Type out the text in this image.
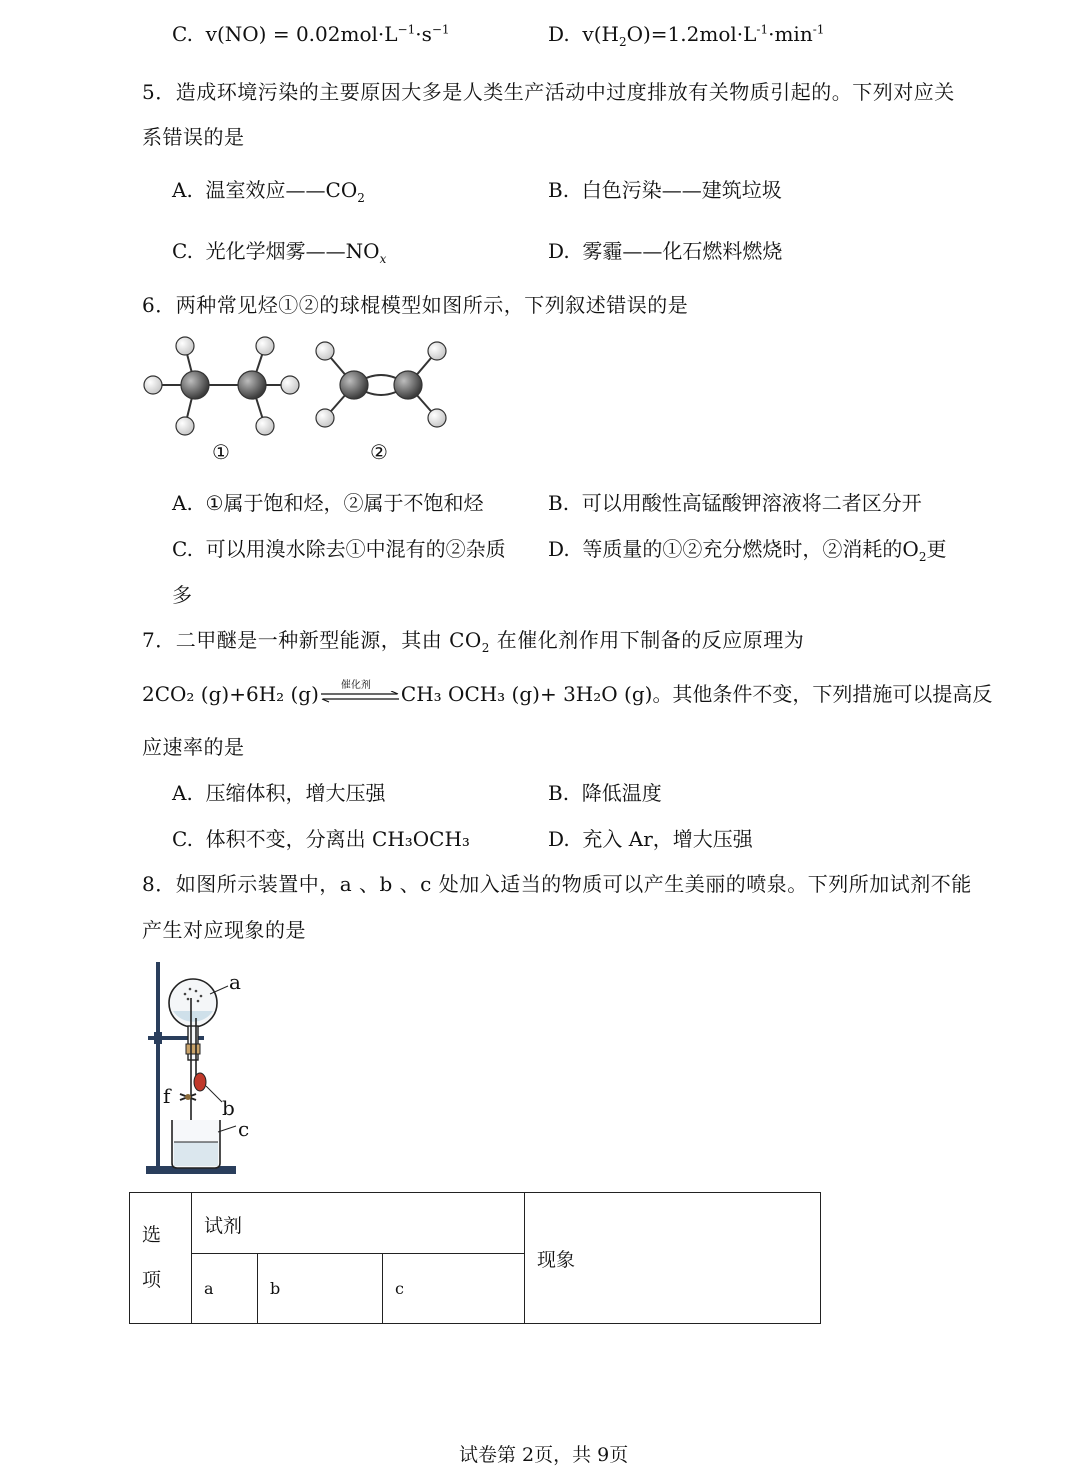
C. $v(NO) = 0.02mol\cdot L^{-1}\cdot s^{-1}$	D. $v(H_2O)=1.2mol\cdot L^{-1}\cdot\min^{-1}$
5．造成环境污染的主要原因大多是人类生产活动中过度排放有关物质引起的。下列对应关
系错误的是
A. 温室效应$——CO_2$	B. 白色污染——建筑垃圾
C. 光化学烟雾$——NO_x$	D. 雾霾——化石燃料燃烧
6．两种常见烃①②的球棍模型如图所示，下列叙述错误的是
①	②
A. ①属于饱和烃，②属于不饱和烃	B. 可以用酸性高锰酸钾溶液将二者区分开
C. 可以用溴水除去①中混有的②杂质 D. 等质量的①②充分燃烧时，②消耗的$O_2$更
多
7．二甲醚是一种新型能源，其由 $CO_2$ 在催化剂作用下制备的反应原理为
2CO₂ (g)+6H₂ (g) 催化剂 CH₃ OCH₃ (g)+ 3H₂O (g)。其他条件不变，下列措施可以提高反
应速率的是
A. 压缩体积，增大压强	B. 降低温度
C. 体积不变，分离出 CH₃OCH₃	D. 充入 Ar，增大压强
8．如图所示装置中，a 、b 、c 处加入适当的物质可以产生美丽的喷泉。下列所加试剂不能
产生对应现象的是
a
f	b
c
选
项	试剂			现象
	a	b	c	
试卷第 2页，共 9页
